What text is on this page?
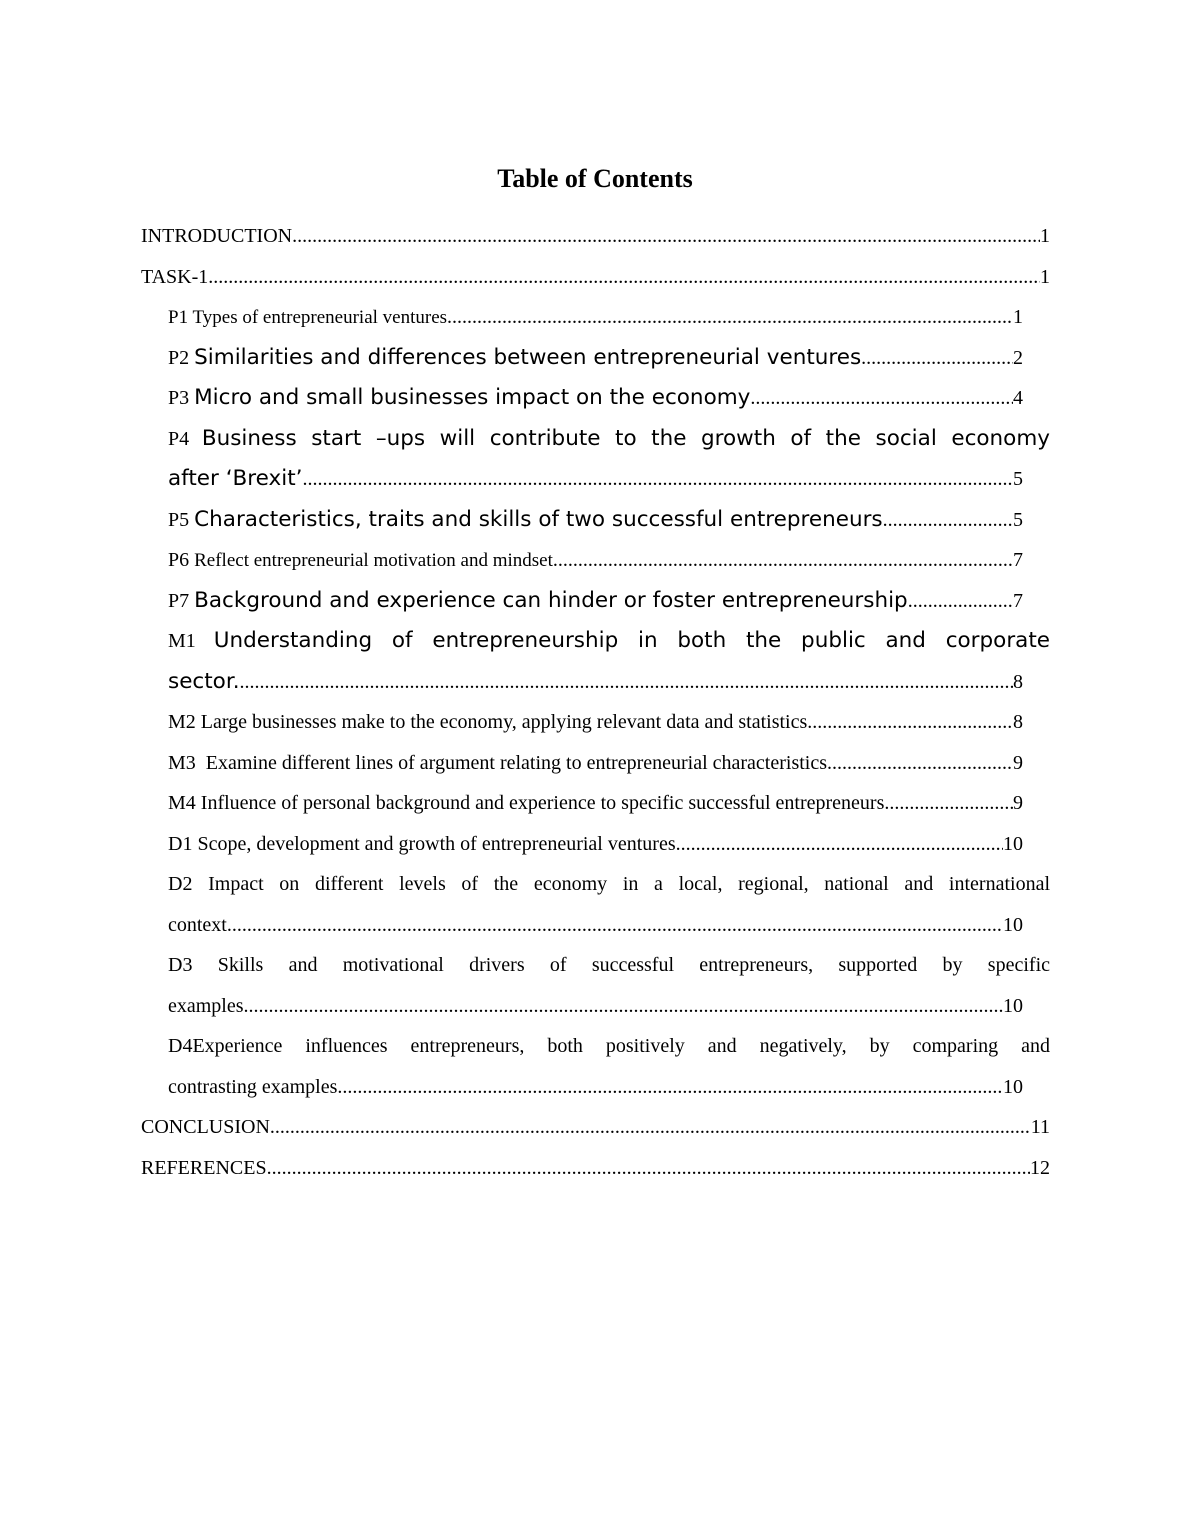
Table of Contents
INTRODUCTION .....	1
TASK-1 .....	1
P1 Types of entrepreneurial ventures .....	1
P2 Similarities and differences between entrepreneurial ventures .....	2
P3 Micro and small businesses impact on the economy .....	4
P4 Business start –ups will contribute to the growth of the social economy
after ‘Brexit’ .....	5
P5 Characteristics, traits and skills of two successful entrepreneurs .....	5
P6 Reflect entrepreneurial motivation and mindset .....	7
P7 Background and experience can hinder or foster entrepreneurship .....	7
M1 Understanding of entrepreneurship in both the public and corporate
sector. .....	8
M2 Large businesses make to the economy, applying relevant data and statistics .....	8
M3  Examine different lines of argument relating to entrepreneurial characteristics .....	9
M4 Influence of personal background and experience to specific successful entrepreneurs. .....	9
D1 Scope, development and growth of entrepreneurial ventures .....	10
D2 Impact on different levels of the economy in a local, regional, national and international
context .....	10
D3 Skills and motivational drivers of successful entrepreneurs, supported by specific
examples .....	10
D4Experience influences entrepreneurs, both positively and negatively, by comparing and
contrasting examples .....	10
CONCLUSION .....	11
REFERENCES .....	12
